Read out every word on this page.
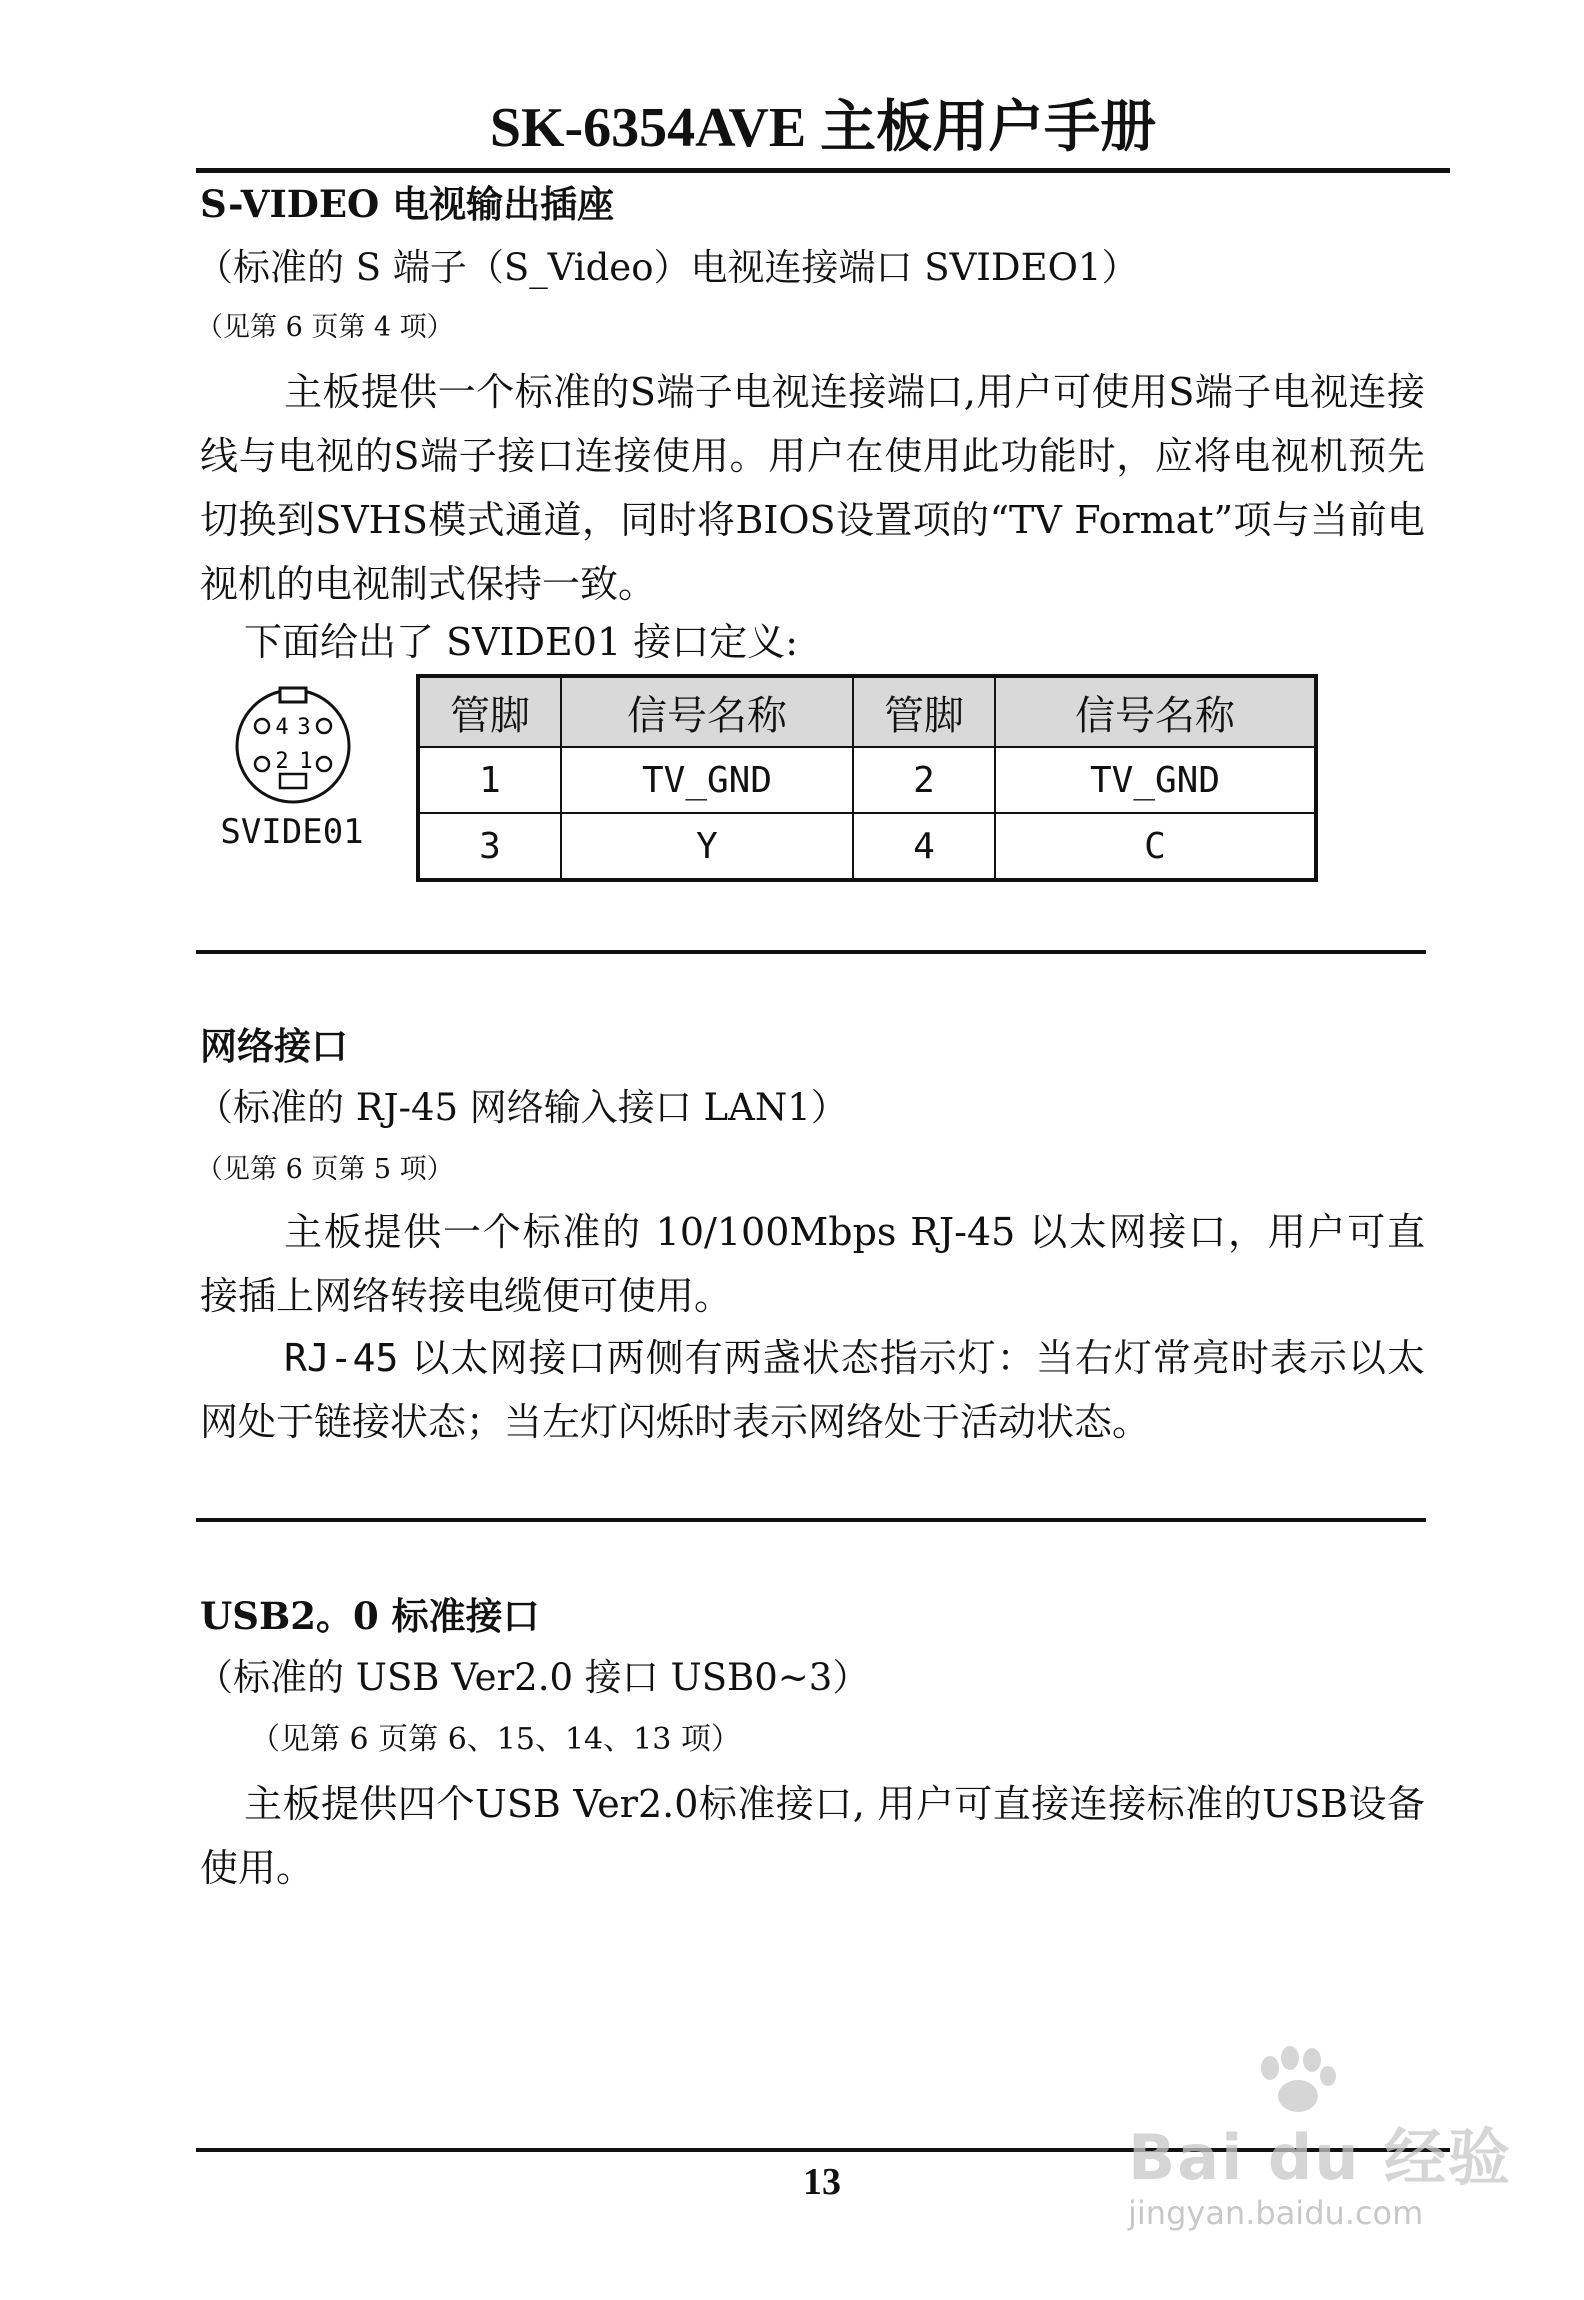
SK-6354AVE 主板用户手册
S-VIDEO 电视输出插座
（标准的 S 端子（S_Video）电视连接端口 SVIDEO1）
（见第 6 页第 4 项）

主板提供一个标准的S端子电视连接端口,用户可使用S端子电视连接线与电视的S端子接口连接使用。用户在使用此功能时，应将电视机预先切换到SVHS模式通道，同时将BIOS设置项的“TV Format”项与当前电视机的电视制式保持一致。

下面给出了 SVIDE01 接口定义:

4 3
2 1
SVIDE01
管脚	信号名称	管脚	信号名称
1	TV_GND	2	TV_GND
3	Y	4	C
网络接口
（标准的 RJ-45 网络输入接口 LAN1）
（见第 6 页第 5 项）

主板提供一个标准的 10/100Mbps RJ-45 以太网接口，用户可直接插上网络转接电缆便可使用。

RJ-45 以太网接口两侧有两盏状态指示灯：当右灯常亮时表示以太网处于链接状态；当左灯闪烁时表示网络处于活动状态。

USB2。0 标准接口
（标准的 USB Ver2.0 接口 USB0~3）
（见第 6 页第 6、15、14、13 项）

主板提供四个USB Ver2.0标准接口, 用户可直接连接标准的USB设备使用。

13	Bai du 经验
jingyan.baidu.com
